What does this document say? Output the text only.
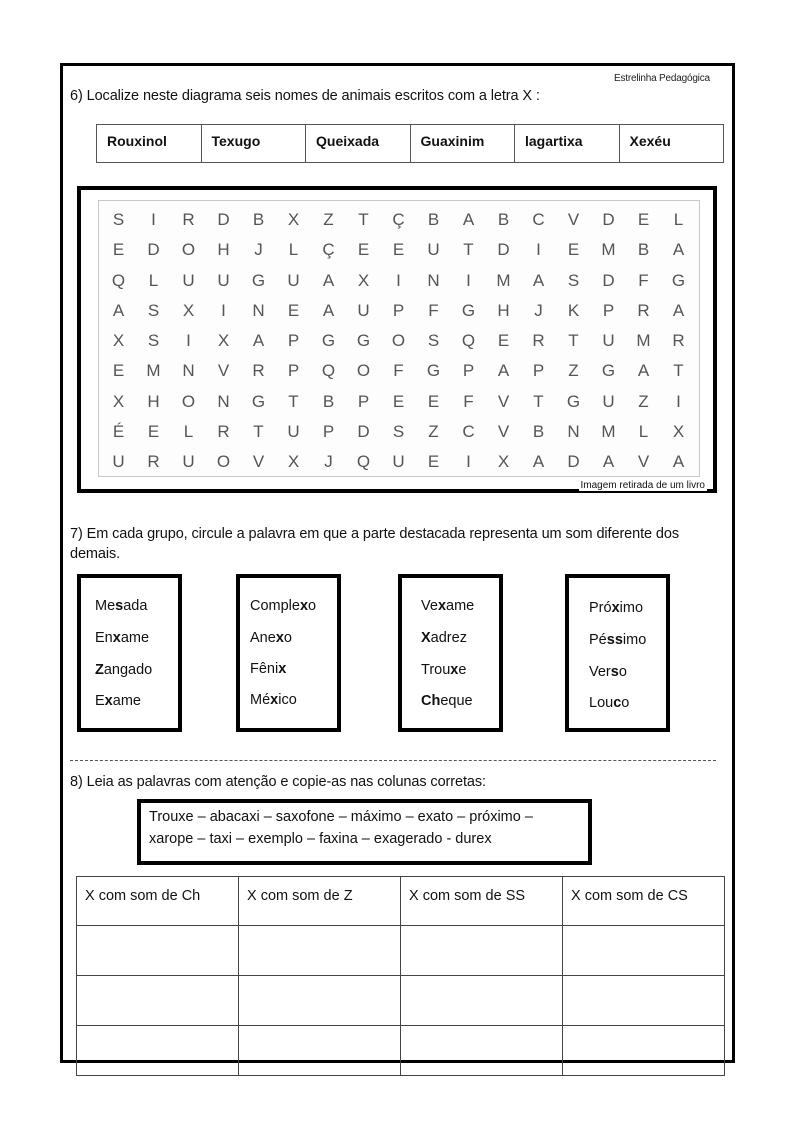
Estrelinha Pedagógica
6) Localize neste diagrama seis nomes de animais escritos com a letra X :
Rouxinol	Texugo	Queixada	Guaxinim	lagartixa	Xexéu
S	I	R	D	B	X	Z	T	Ç	B	A	B	C	V	D	E	L
E	D	O	H	J	L	Ç	E	E	U	T	D	I	E	M	B	A
Q	L	U	U	G	U	A	X	I	N	I	M	A	S	D	F	G
A	S	X	I	N	E	A	U	P	F	G	H	J	K	P	R	A
X	S	I	X	A	P	G	G	O	S	Q	E	R	T	U	M	R
E	M	N	V	R	P	Q	O	F	G	P	A	P	Z	G	A	T
X	H	O	N	G	T	B	P	E	E	F	V	T	G	U	Z	I
É	E	L	R	T	U	P	D	S	Z	C	V	B	N	M	L	X
U	R	U	O	V	X	J	Q	U	E	I	X	A	D	A	V	A
Imagem retirada de um livro
7) Em cada grupo, circule a palavra em que a parte destacada representa um som diferente dos demais.
Mesada
Enxame
Zangado
Exame
Complexo
Anexo
Fênix
México
Vexame
Xadrez
Trouxe
Cheque
Próximo
Péssimo
Verso
Louco
8) Leia as palavras com atenção e copie-as nas colunas corretas:

Trouxe – abacaxi – saxofone – máximo – exato – próximo –

xarope – taxi – exemplo – faxina – exagerado - durex

X com som de Ch	X com som de Z	X com som de SS	X com som de CS
